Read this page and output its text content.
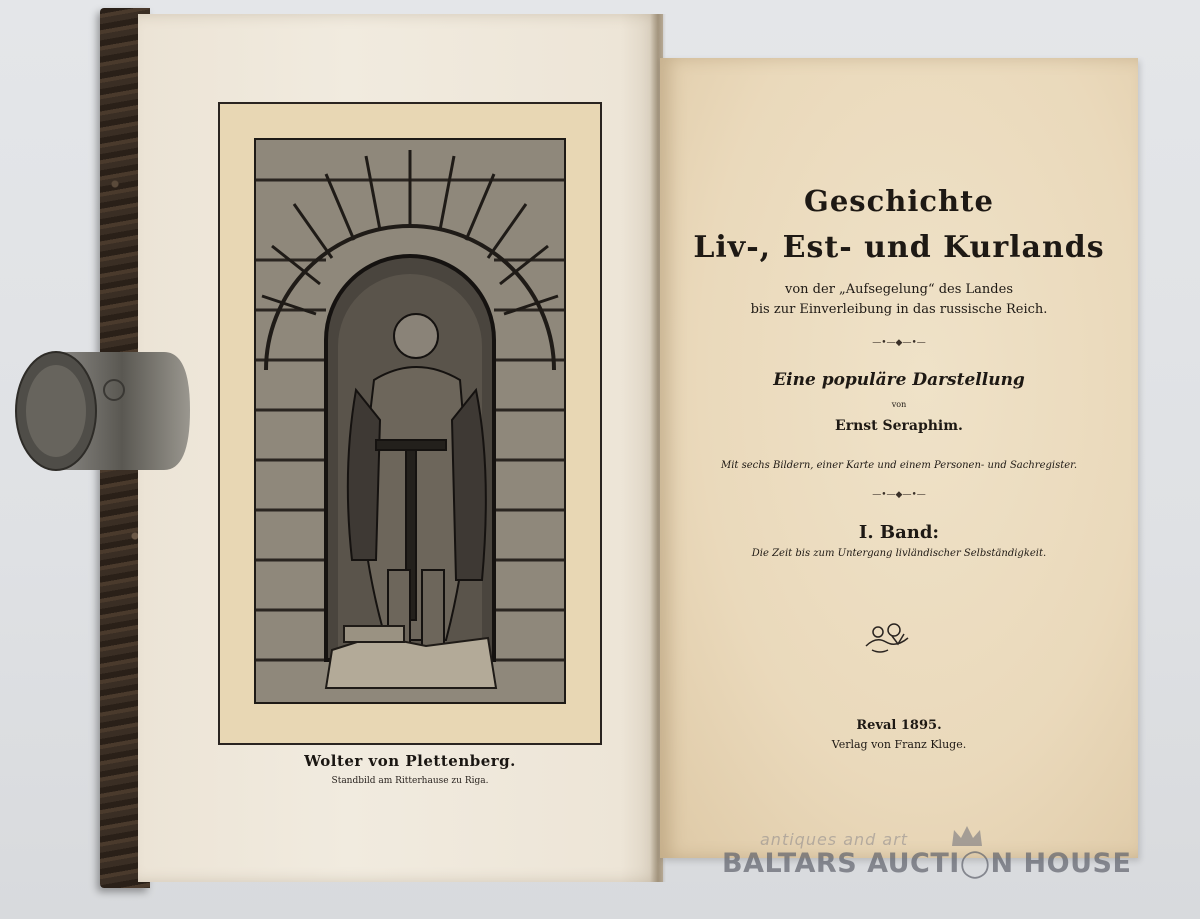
Wolter von Plettenberg.
Standbild am Ritterhause zu Riga.
Geschichte
Liv-, Est- und Kurlands
von der „Aufsegelung“ des Landes
bis zur Einverleibung in das russische Reich.
—•—◆—•—
Eine populäre Darstellung
von
Ernst Seraphim.
Mit sechs Bildern, einer Karte und einem Personen- und Sachregister.
—•—◆—•—
I. Band:
Die Zeit bis zum Untergang livländischer Selbständigkeit.
Reval 1895.
Verlag von Franz Kluge.
antiques and art
BALTARS AUCTI◯N HOUSE
